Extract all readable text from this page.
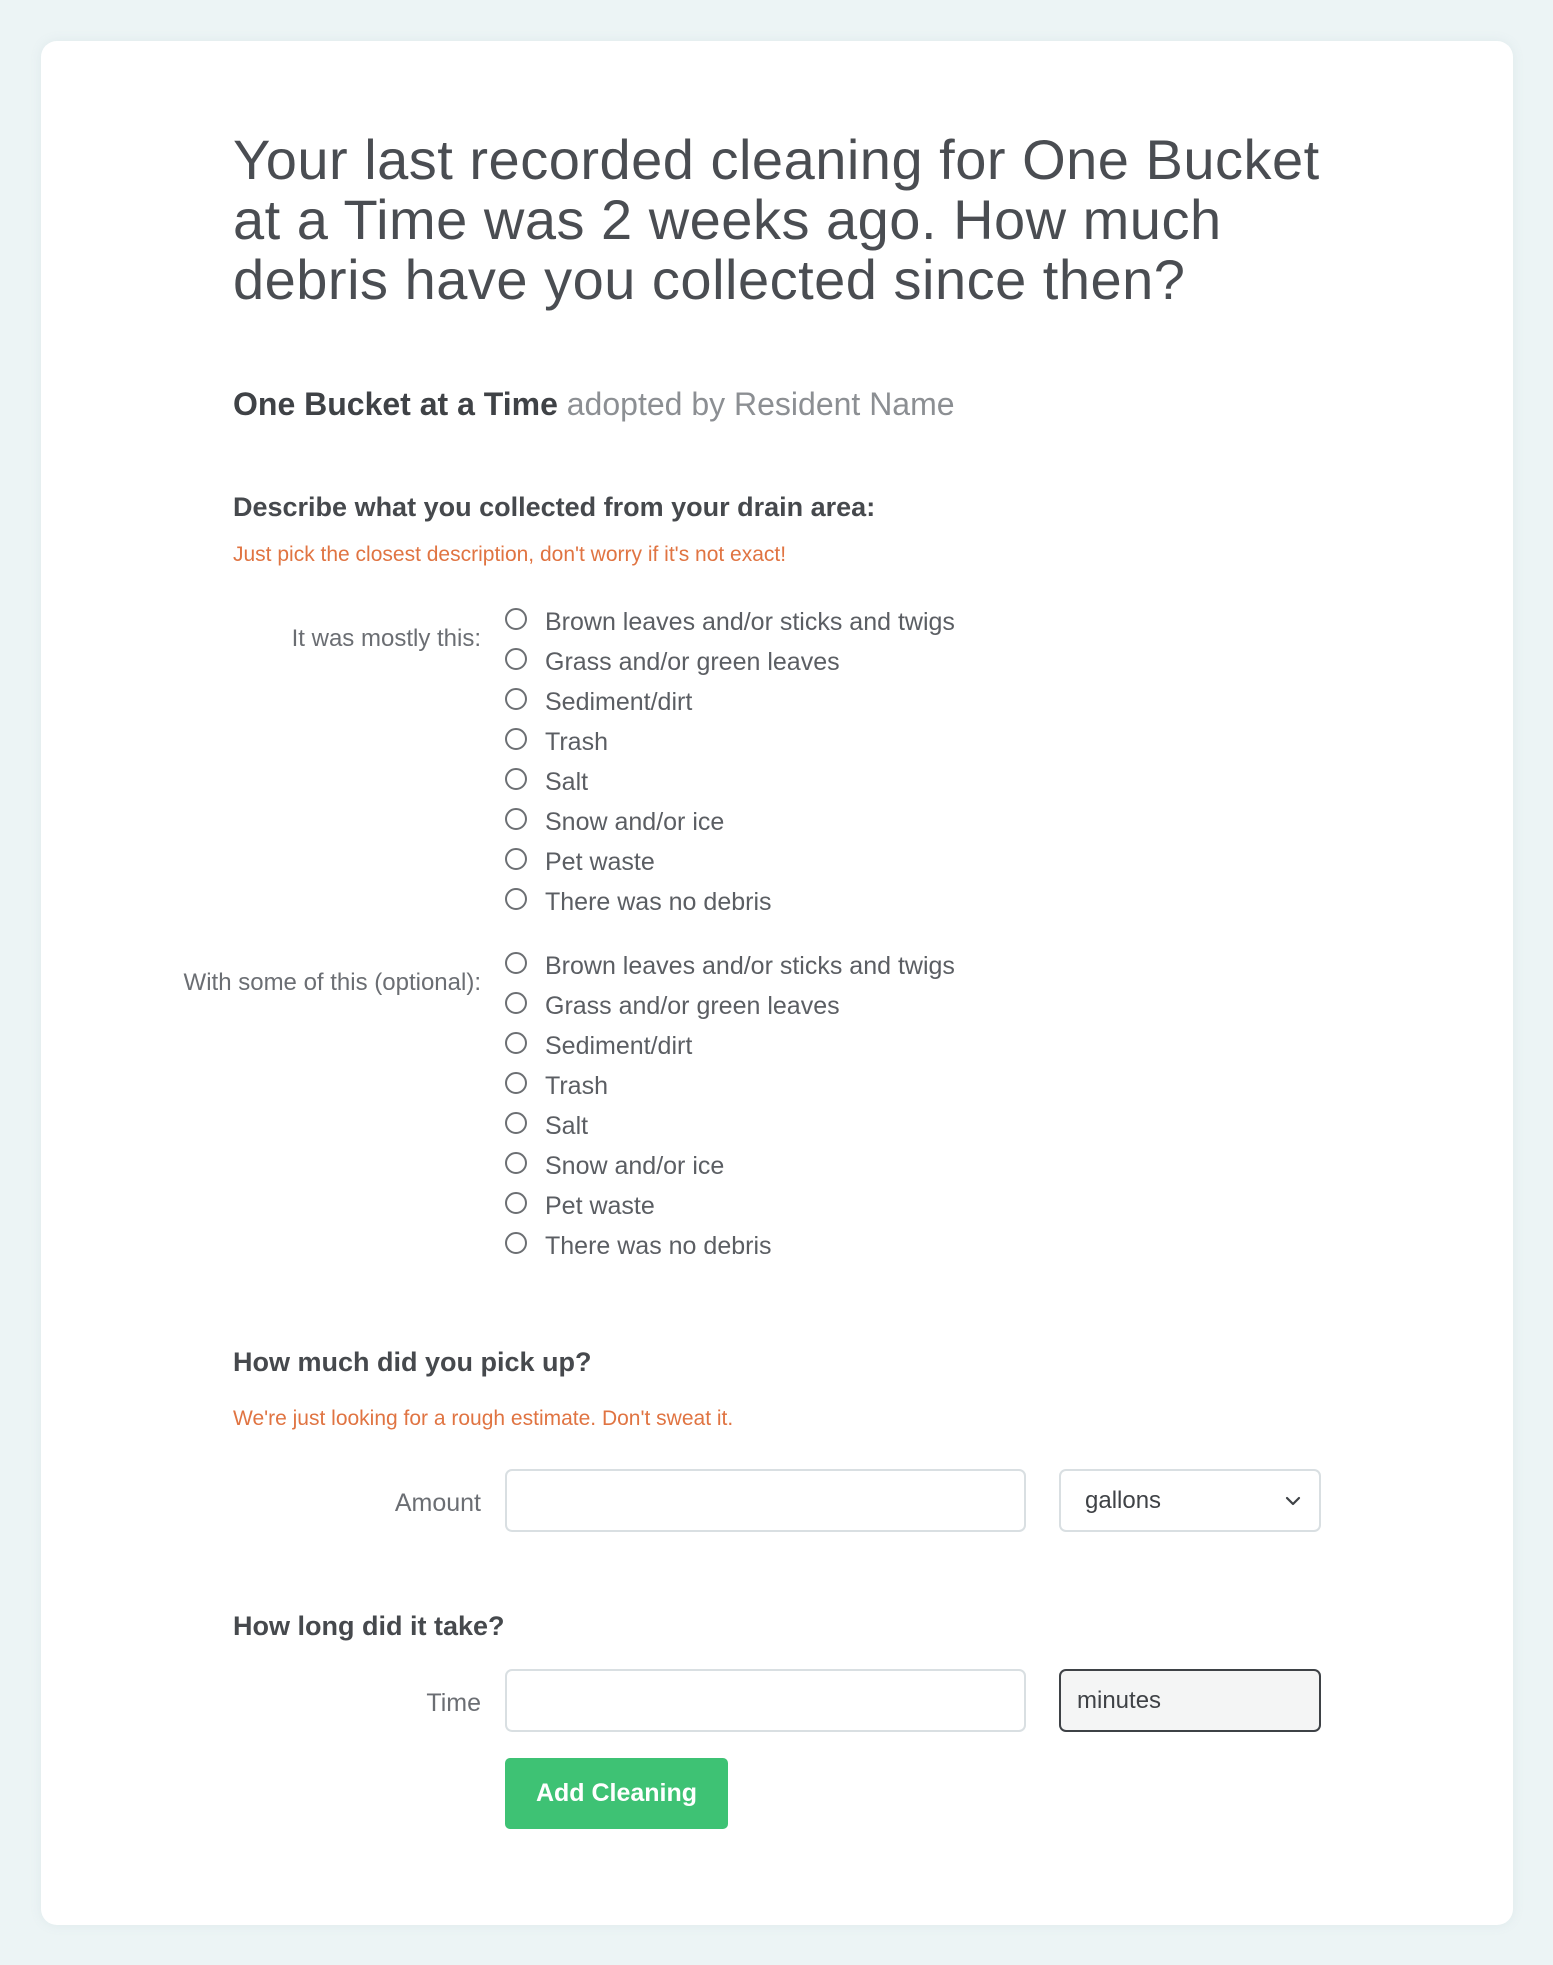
Your last recorded cleaning for One Bucket at a Time was 2 weeks ago. How much debris have you collected since then?
One Bucket at a Time adopted by Resident Name
Describe what you collected from your drain area:
Just pick the closest description, don't worry if it's not exact!
It was mostly this:
Brown leaves and/or sticks and twigs
Grass and/or green leaves
Sediment/dirt
Trash
Salt
Snow and/or ice
Pet waste
There was no debris
With some of this (optional):
Brown leaves and/or sticks and twigs
Grass and/or green leaves
Sediment/dirt
Trash
Salt
Snow and/or ice
Pet waste
There was no debris
How much did you pick up?
We're just looking for a rough estimate. Don't sweat it.
Amount	gallons
How long did it take?
Time	minutes
Add Cleaning
